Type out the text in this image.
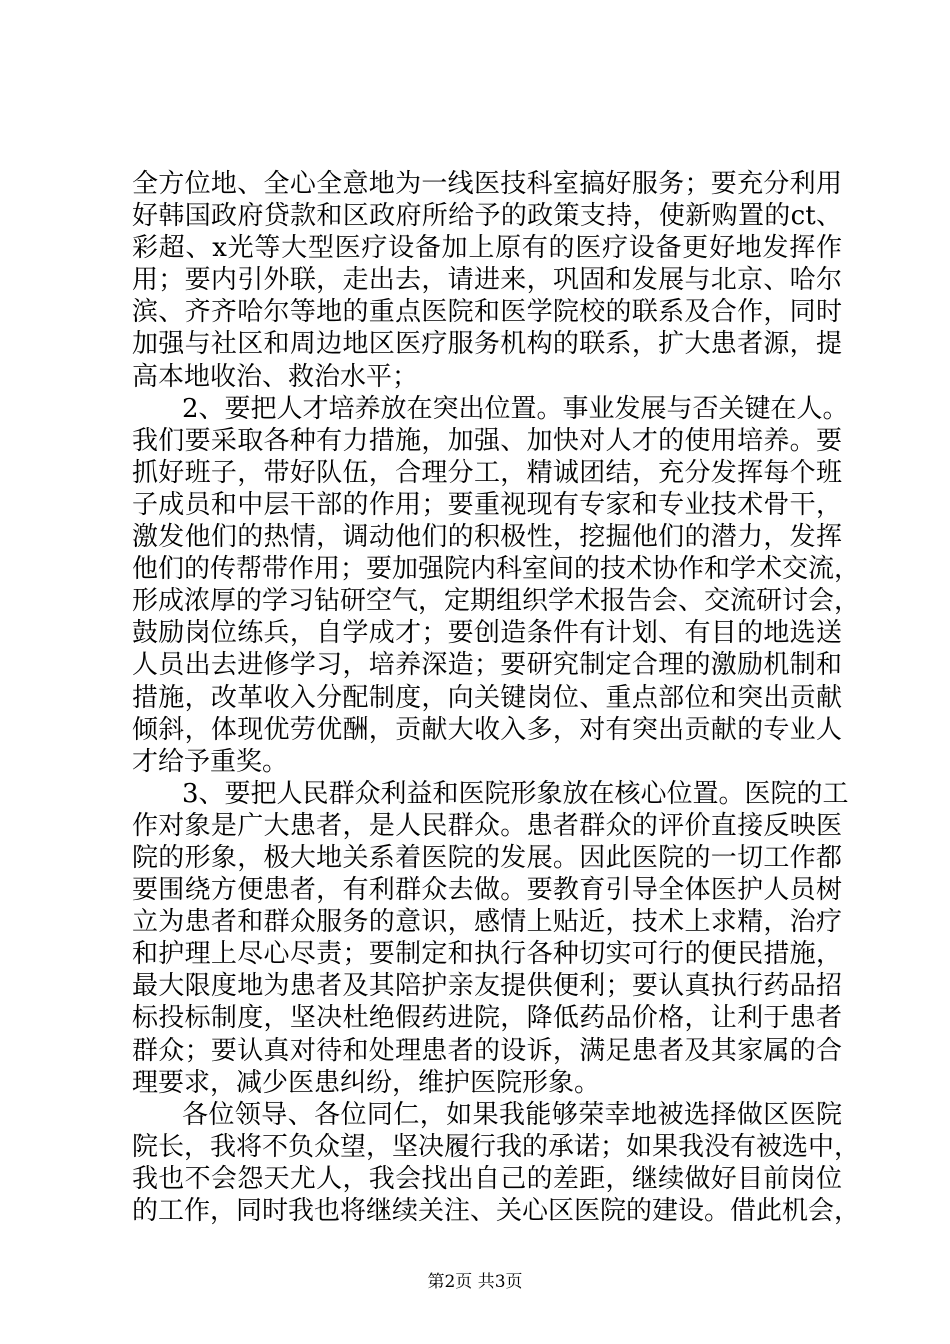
全方位地、全心全意地为一线医技科室搞好服务；要充分利用
好韩国政府贷款和区政府所给予的政策支持，使新购置的ct、
彩超、x光等大型医疗设备加上原有的医疗设备更好地发挥作
用；要内引外联，走出去，请进来，巩固和发展与北京、哈尔
滨、齐齐哈尔等地的重点医院和医学院校的联系及合作，同时
加强与社区和周边地区医疗服务机构的联系，扩大患者源，提
高本地收治、救治水平；
2、要把人才培养放在突出位置。事业发展与否关键在人。
我们要采取各种有力措施，加强、加快对人才的使用培养。要
抓好班子，带好队伍，合理分工，精诚团结，充分发挥每个班
子成员和中层干部的作用；要重视现有专家和专业技术骨干，
激发他们的热情，调动他们的积极性，挖掘他们的潜力，发挥
他们的传帮带作用；要加强院内科室间的技术协作和学术交流，
形成浓厚的学习钻研空气，定期组织学术报告会、交流研讨会，
鼓励岗位练兵，自学成才；要创造条件有计划、有目的地选送
人员出去进修学习，培养深造；要研究制定合理的激励机制和
措施，改革收入分配制度，向关键岗位、重点部位和突出贡献
倾斜，体现优劳优酬，贡献大收入多，对有突出贡献的专业人
才给予重奖。
3、要把人民群众利益和医院形象放在核心位置。医院的工
作对象是广大患者，是人民群众。患者群众的评价直接反映医
院的形象，极大地关系着医院的发展。因此医院的一切工作都
要围绕方便患者，有利群众去做。要教育引导全体医护人员树
立为患者和群众服务的意识，感情上贴近，技术上求精，治疗
和护理上尽心尽责；要制定和执行各种切实可行的便民措施，
最大限度地为患者及其陪护亲友提供便利；要认真执行药品招
标投标制度，坚决杜绝假药进院，降低药品价格，让利于患者
群众；要认真对待和处理患者的设诉，满足患者及其家属的合
理要求，减少医患纠纷，维护医院形象。
各位领导、各位同仁，如果我能够荣幸地被选择做区医院
院长，我将不负众望，坚决履行我的承诺；如果我没有被选中，
我也不会怨天尤人，我会找出自己的差距，继续做好目前岗位
的工作，同时我也将继续关注、关心区医院的建设。借此机会，
第2页 共3页
